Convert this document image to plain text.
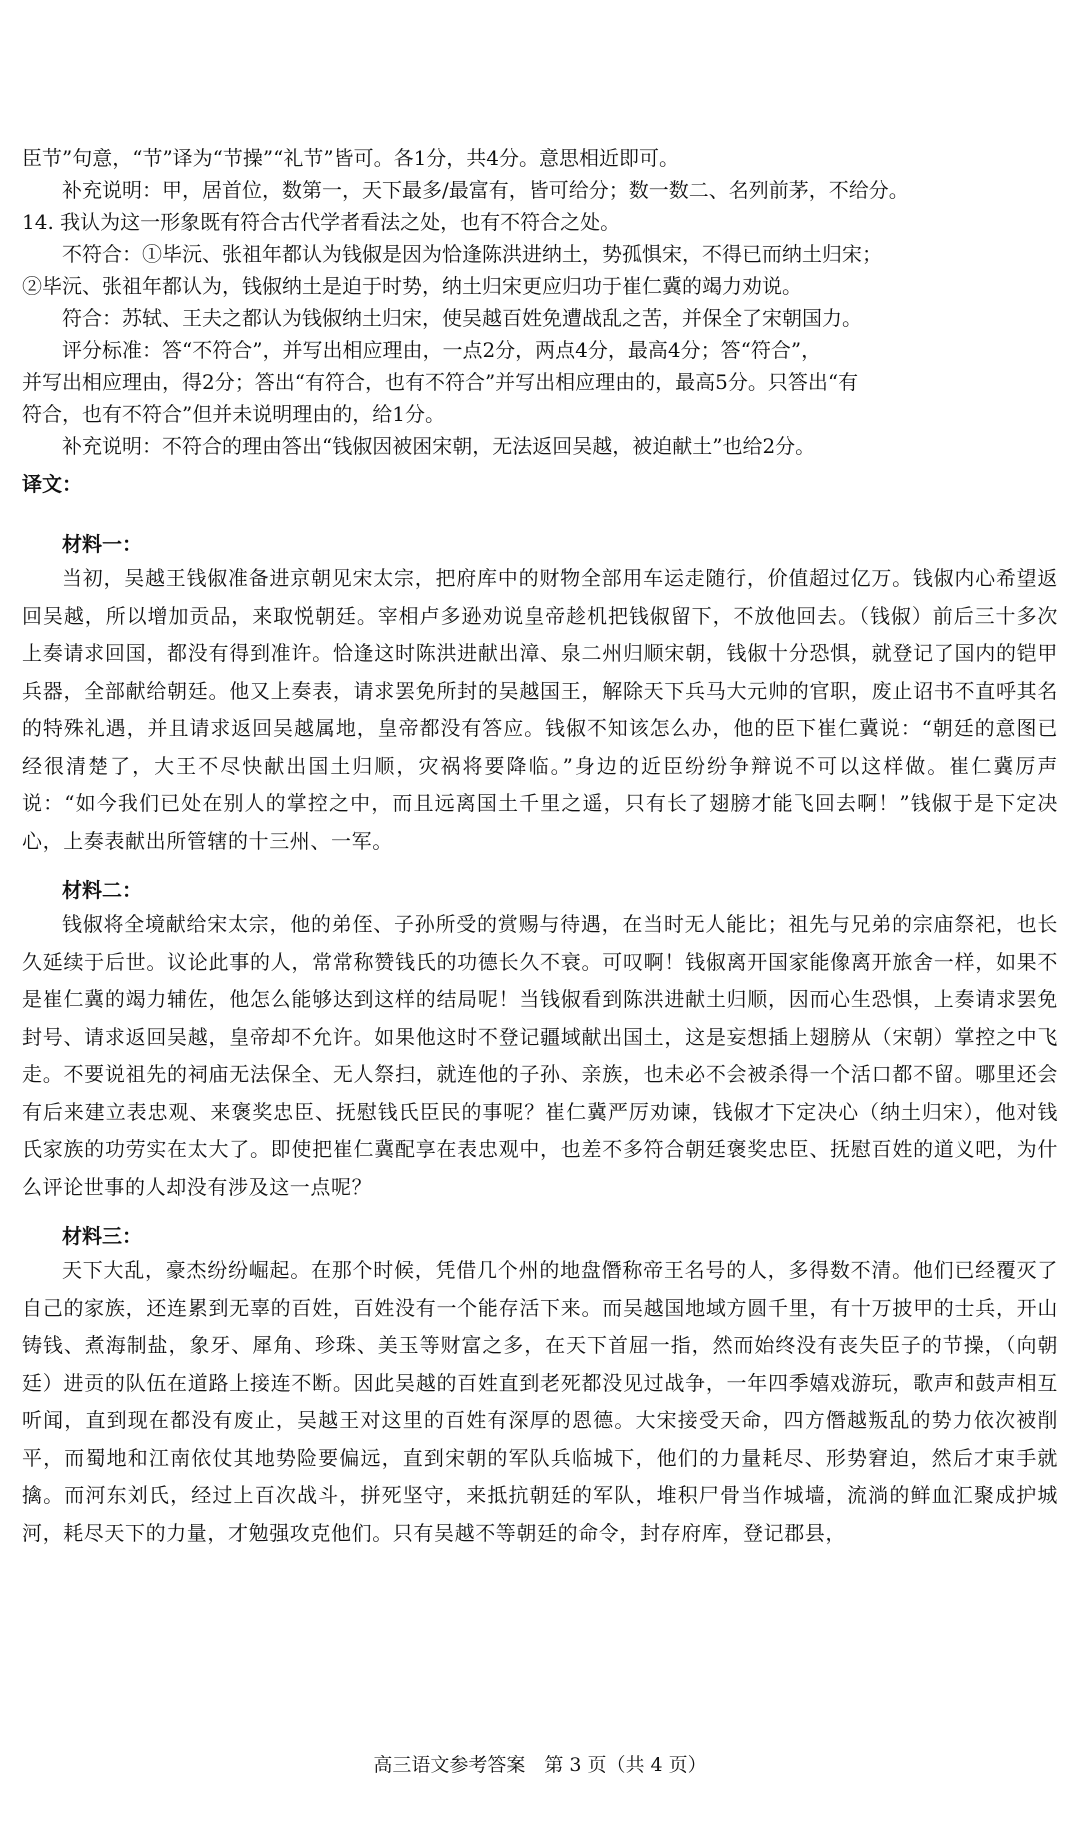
臣节”句意，“节”译为“节操”“礼节”皆可。各1分，共4分。意思相近即可。
补充说明：甲，居首位，数第一，天下最多/最富有，皆可给分；数一数二、名列前茅，不给分。
14. 我认为这一形象既有符合古代学者看法之处，也有不符合之处。
不符合：①毕沅、张祖年都认为钱俶是因为恰逢陈洪进纳土，势孤惧宋，不得已而纳土归宋；
②毕沅、张祖年都认为，钱俶纳土是迫于时势，纳土归宋更应归功于崔仁冀的竭力劝说。
符合：苏轼、王夫之都认为钱俶纳土归宋，使吴越百姓免遭战乱之苦，并保全了宋朝国力。
评分标准：答“不符合”，并写出相应理由，一点2分，两点4分，最高4分；答“符合”，
并写出相应理由，得2分；答出“有符合，也有不符合”并写出相应理由的，最高5分。只答出“有
符合，也有不符合”但并未说明理由的，给1分。
补充说明：不符合的理由答出“钱俶因被困宋朝，无法返回吴越，被迫献土”也给2分。
译文：
材料一：

当初，吴越王钱俶准备进京朝见宋太宗，把府库中的财物全部用车运走随行，价值超过亿万。钱俶内心希望返回吴越，所以增加贡品，来取悦朝廷。宰相卢多逊劝说皇帝趁机把钱俶留下，不放他回去。（钱俶）前后三十多次上奏请求回国，都没有得到准许。恰逢这时陈洪进献出漳、泉二州归顺宋朝，钱俶十分恐惧，就登记了国内的铠甲兵器，全部献给朝廷。他又上奏表，请求罢免所封的吴越国王，解除天下兵马大元帅的官职，废止诏书不直呼其名的特殊礼遇，并且请求返回吴越属地，皇帝都没有答应。钱俶不知该怎么办，他的臣下崔仁冀说：“朝廷的意图已经很清楚了，大王不尽快献出国土归顺，灾祸将要降临。”身边的近臣纷纷争辩说不可以这样做。崔仁冀厉声说：“如今我们已处在别人的掌控之中，而且远离国土千里之遥，只有长了翅膀才能飞回去啊！”钱俶于是下定决心，上奏表献出所管辖的十三州、一军。

材料二：

钱俶将全境献给宋太宗，他的弟侄、子孙所受的赏赐与待遇，在当时无人能比；祖先与兄弟的宗庙祭祀，也长久延续于后世。议论此事的人，常常称赞钱氏的功德长久不衰。可叹啊！钱俶离开国家能像离开旅舍一样，如果不是崔仁冀的竭力辅佐，他怎么能够达到这样的结局呢！当钱俶看到陈洪进献土归顺，因而心生恐惧，上奏请求罢免封号、请求返回吴越，皇帝却不允许。如果他这时不登记疆域献出国土，这是妄想插上翅膀从（宋朝）掌控之中飞走。不要说祖先的祠庙无法保全、无人祭扫，就连他的子孙、亲族，也未必不会被杀得一个活口都不留。哪里还会有后来建立表忠观、来褒奖忠臣、抚慰钱氏臣民的事呢？崔仁冀严厉劝谏，钱俶才下定决心（纳土归宋），他对钱氏家族的功劳实在太大了。即使把崔仁冀配享在表忠观中，也差不多符合朝廷褒奖忠臣、抚慰百姓的道义吧，为什么评论世事的人却没有涉及这一点呢？

材料三：

天下大乱，豪杰纷纷崛起。在那个时候，凭借几个州的地盘僭称帝王名号的人，多得数不清。他们已经覆灭了自己的家族，还连累到无辜的百姓，百姓没有一个能存活下来。而吴越国地域方圆千里，有十万披甲的士兵，开山铸钱、煮海制盐，象牙、犀角、珍珠、美玉等财富之多，在天下首屈一指，然而始终没有丧失臣子的节操，（向朝廷）进贡的队伍在道路上接连不断。因此吴越的百姓直到老死都没见过战争，一年四季嬉戏游玩，歌声和鼓声相互听闻，直到现在都没有废止，吴越王对这里的百姓有深厚的恩德。大宋接受天命，四方僭越叛乱的势力依次被削平，而蜀地和江南依仗其地势险要偏远，直到宋朝的军队兵临城下，他们的力量耗尽、形势窘迫，然后才束手就擒。而河东刘氏，经过上百次战斗，拼死坚守，来抵抗朝廷的军队，堆积尸骨当作城墙，流淌的鲜血汇聚成护城河，耗尽天下的力量，才勉强攻克他们。只有吴越不等朝廷的命令，封存府库，登记郡县，

高三语文参考答案　第 3 页（共 4 页）
